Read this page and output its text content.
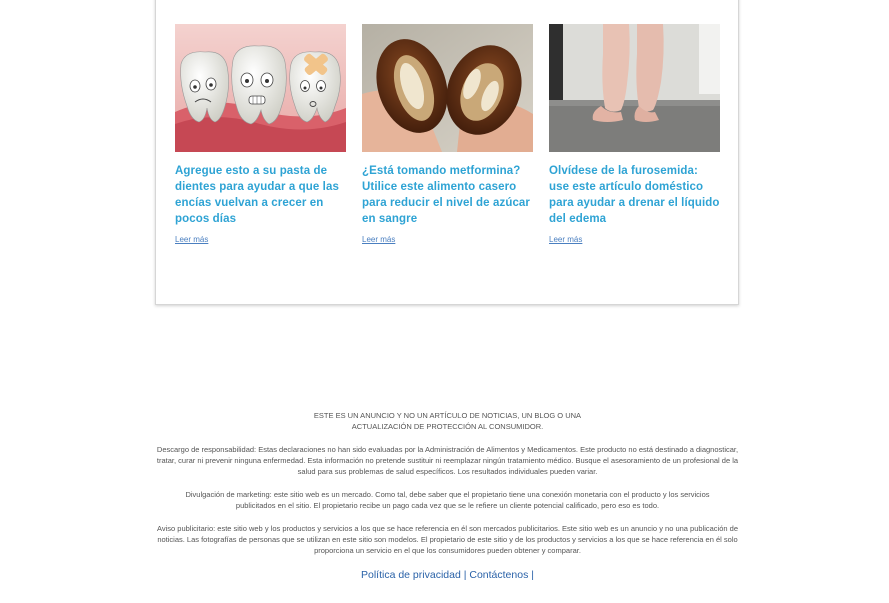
Agregue esto a su pasta de dientes para ayudar a que las encías vuelvan a crecer en pocos días
Leer más
¿Está tomando metformina? Utilice este alimento casero para reducir el nivel de azúcar en sangre
Leer más
Olvídese de la furosemida: use este artículo doméstico para ayudar a drenar el líquido del edema
Leer más
ESTE ES UN ANUNCIO Y NO UN ARTÍCULO DE NOTICIAS, UN BLOG O UNA ACTUALIZACIÓN DE PROTECCIÓN AL CONSUMIDOR.
Descargo de responsabilidad: Estas declaraciones no han sido evaluadas por la Administración de Alimentos y Medicamentos. Este producto no está destinado a diagnosticar, tratar, curar ni prevenir ninguna enfermedad. Esta información no pretende sustituir ni reemplazar ningún tratamiento médico. Busque el asesoramiento de un profesional de la salud para sus problemas de salud específicos. Los resultados individuales pueden variar.
Divulgación de marketing: este sitio web es un mercado. Como tal, debe saber que el propietario tiene una conexión monetaria con el producto y los servicios publicitados en el sitio. El propietario recibe un pago cada vez que se le refiere un cliente potencial calificado, pero eso es todo.
Aviso publicitario: este sitio web y los productos y servicios a los que se hace referencia en él son mercados publicitarios. Este sitio web es un anuncio y no una publicación de noticias. Las fotografías de personas que se utilizan en este sitio son modelos. El propietario de este sitio y de los productos y servicios a los que se hace referencia en él solo proporciona un servicio en el que los consumidores pueden obtener y comparar.
Política de privacidad | Contáctenos |
